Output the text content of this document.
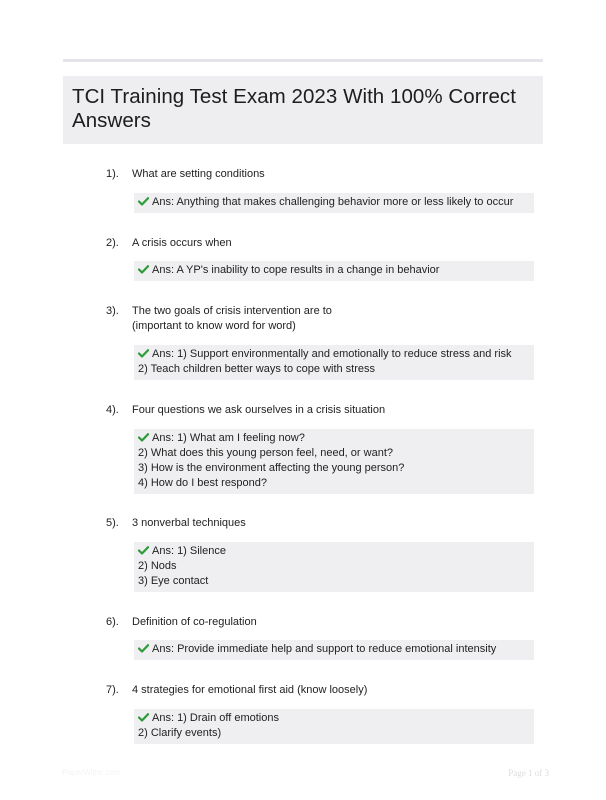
TCI Training Test Exam 2023 With 100% Correct Answers
1). What are setting conditions
Ans: Anything that makes challenging behavior more or less likely to occur
2). A crisis occurs when
Ans: A YP's inability to cope results in a change in behavior
3). The two goals of crisis intervention are to
(important to know word for word)
Ans: 1) Support environmentally and emotionally to reduce stress and risk
2) Teach children better ways to cope with stress
4). Four questions we ask ourselves in a crisis situation
Ans: 1) What am I feeling now?
2) What does this young person feel, need, or want?
3) How is the environment affecting the young person?
4) How do I best respond?
5). 3 nonverbal techniques
Ans: 1) Silence
2) Nods
3) Eye contact
6). Definition of co-regulation
Ans: Provide immediate help and support to reduce emotional intensity
7). 4 strategies for emotional first aid (know loosely)
Ans: 1) Drain off emotions
2) Clarify events)
PaperWithc.com	Page 1 of 3
